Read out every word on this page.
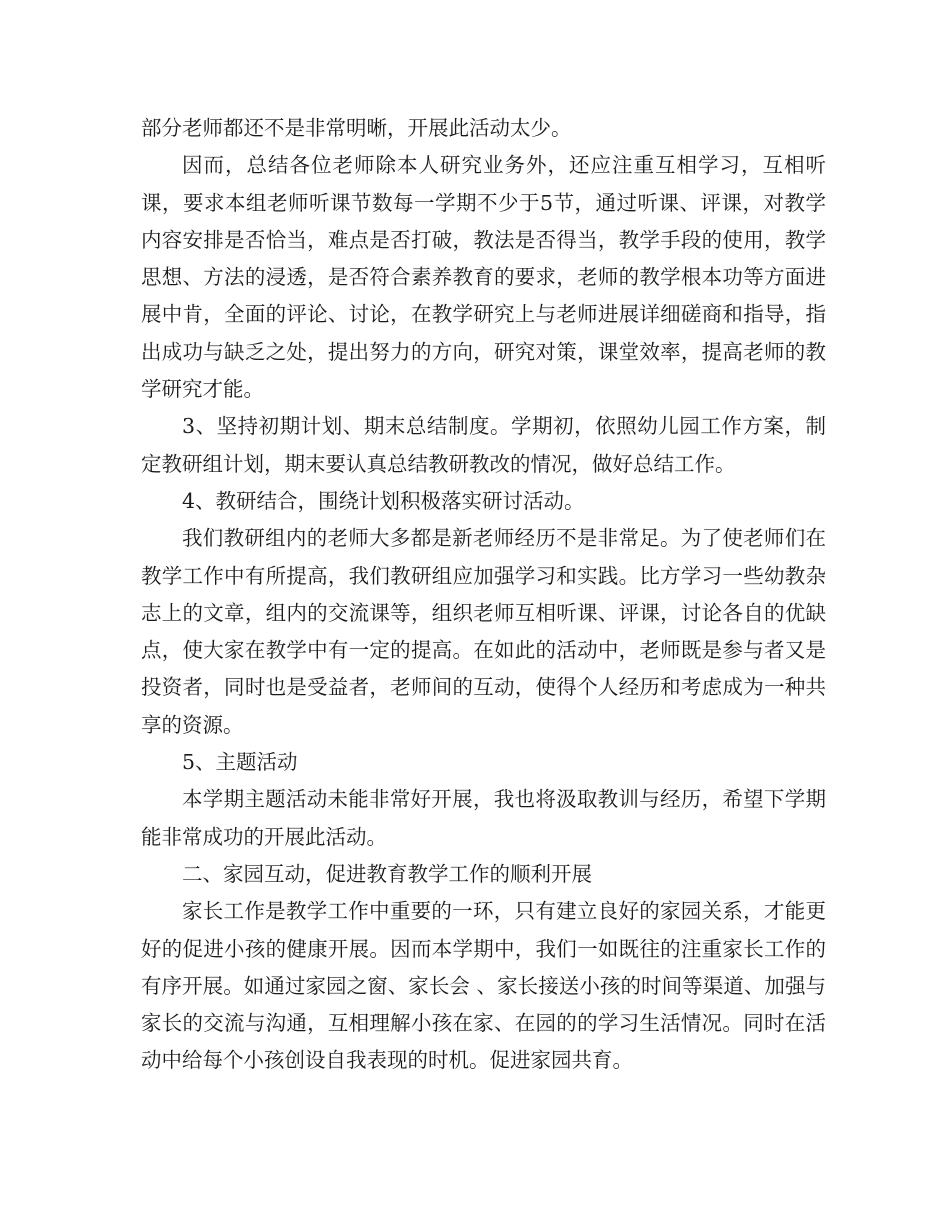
部分老师都还不是非常明晰，开展此活动太少。

因而，总结各位老师除本人研究业务外，还应注重互相学习，互相听课，要求本组老师听课节数每一学期不少于5节，通过听课、评课，对教学内容安排是否恰当，难点是否打破，教法是否得当，教学手段的使用，教学思想、方法的浸透，是否符合素养教育的要求，老师的教学根本功等方面进展中肯，全面的评论、讨论，在教学研究上与老师进展详细磋商和指导，指出成功与缺乏之处，提出努力的方向，研究对策，课堂效率，提高老师的教学研究才能。

3、坚持初期计划、期末总结制度。学期初，依照幼儿园工作方案，制定教研组计划，期末要认真总结教研教改的情况，做好总结工作。

4、教研结合，围绕计划积极落实研讨活动。

我们教研组内的老师大多都是新老师经历不是非常足。为了使老师们在教学工作中有所提高，我们教研组应加强学习和实践。比方学习一些幼教杂志上的文章，组内的交流课等，组织老师互相听课、评课，讨论各自的优缺点，使大家在教学中有一定的提高。在如此的活动中，老师既是参与者又是投资者，同时也是受益者，老师间的互动，使得个人经历和考虑成为一种共享的资源。

5、主题活动

本学期主题活动未能非常好开展，我也将汲取教训与经历，希望下学期能非常成功的开展此活动。

二、家园互动，促进教育教学工作的顺利开展

家长工作是教学工作中重要的一环，只有建立良好的家园关系，才能更好的促进小孩的健康开展。因而本学期中，我们一如既往的注重家长工作的有序开展。如通过家园之窗、家长会 、家长接送小孩的时间等渠道、加强与家长的交流与沟通，互相理解小孩在家、在园的的学习生活情况。同时在活动中给每个小孩创设自我表现的时机。促进家园共育。
